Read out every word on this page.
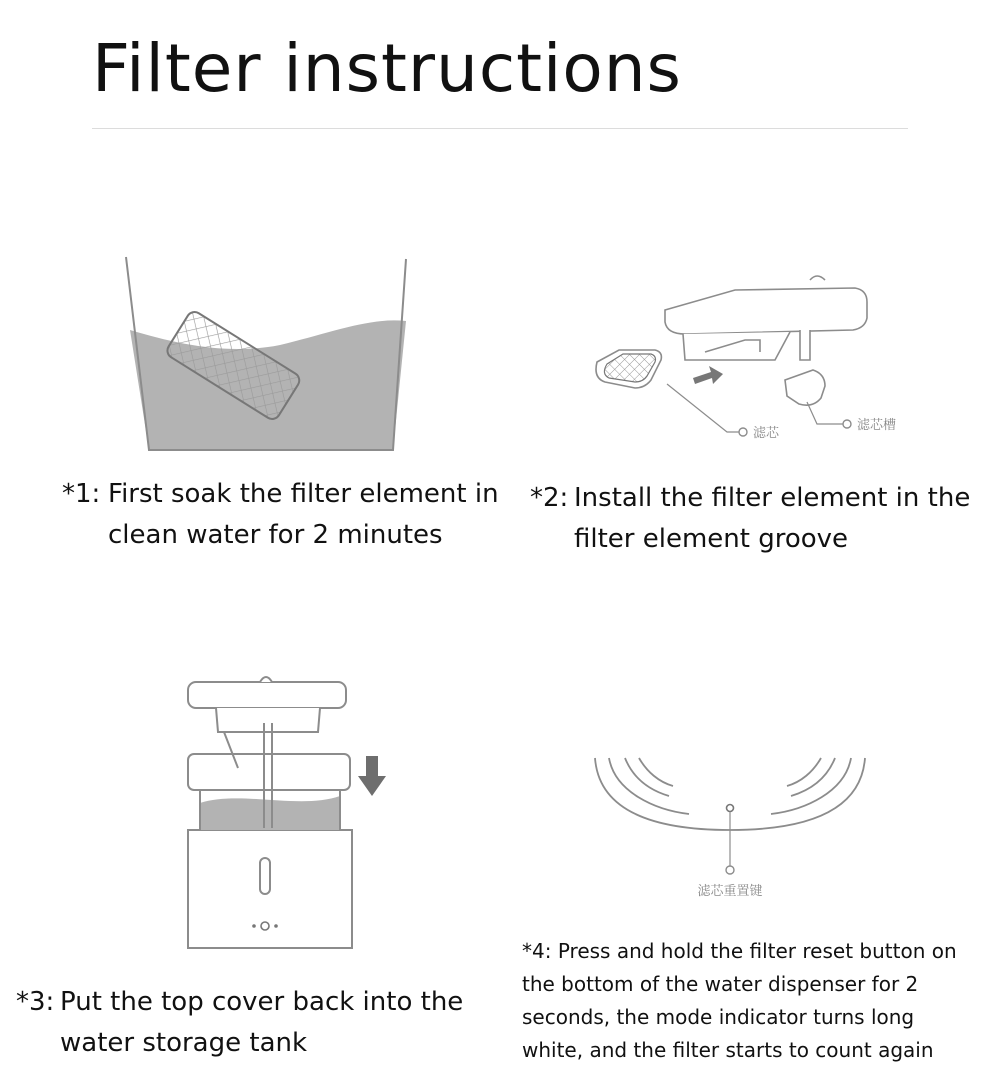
Filter instructions
*1: First soak the filter element in
clean water for 2 minutes
滤芯
滤芯槽
*2: Install the filter element in the
filter element groove
*3: Put the top cover back into the
water storage tank
滤芯重置键
*4: Press and hold the filter reset button on
the bottom of the water dispenser for 2
seconds, the mode indicator turns long
white, and the filter starts to count again
